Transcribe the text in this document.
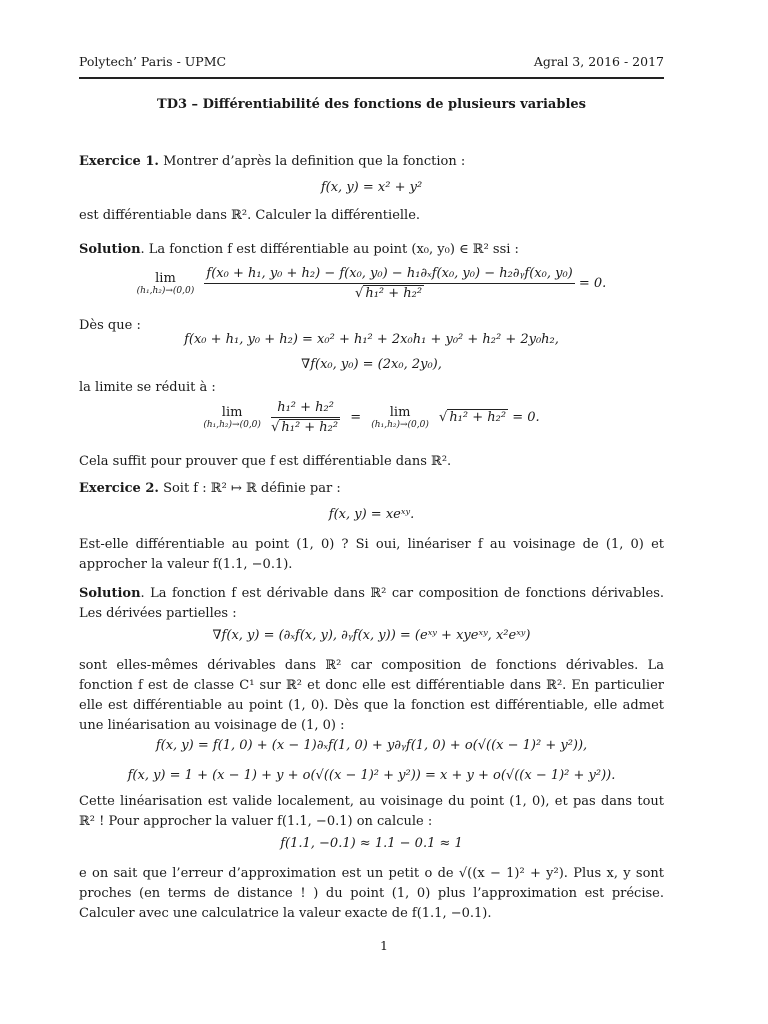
Polytech’ Paris - UPMC	Agral 3, 2016 - 2017
TD3 – Différentiabilité des fonctions de plusieurs variables
Exercice 1. Montrer d’après la definition que la fonction :
f(x, y) = x² + y²
est différentiable dans ℝ². Calculer la différentielle.
Solution. La fonction f est différentiable au point (x₀, y₀) ∈ ℝ² ssi :
lim
(h₁,h₂)→(0,0)

f(x₀ + h₁, y₀ + h₂) − f(x₀, y₀) − h₁∂ₓf(x₀, y₀) − h₂∂ᵧf(x₀, y₀)
√ h₁² + h₂²
= 0.
Dès que :
f(x₀ + h₁, y₀ + h₂) = x₀² + h₁² + 2x₀h₁ + y₀² + h₂² + 2y₀h₂,
∇f(x₀, y₀) = (2x₀, 2y₀),
la limite se réduit à :
lim
(h₁,h₂)→(0,0)
$\frac{\text{h₁² + h₂²}}{\text{√ h₁² + h₂²}}$ =	lim
(h₁,h₂)→(0,0) √ h₁² + h₂² = 0.
Cela suffit pour prouver que f est différentiable dans ℝ².
Exercice 2. Soit f : ℝ² ↦ ℝ définie par :
f(x, y) = xeˣʸ.
Est-elle différentiable au point (1, 0) ? Si oui, linéariser f au voisinage de (1, 0) et approcher la valeur f(1.1, −0.1).
Solution. La fonction f est dérivable dans ℝ² car composition de fonctions dérivables. Les dérivées partielles :
∇f(x, y) = (∂ₓf(x, y), ∂ᵧf(x, y)) = (eˣʸ + xyeˣʸ, x²eˣʸ)
sont elles-mêmes dérivables dans ℝ² car composition de fonctions dérivables. La fonction f est de classe C¹ sur ℝ² et donc elle est différentiable dans ℝ². En particulier elle est différentiable au point (1, 0). Dès que la fonction est différentiable, elle admet une linéarisation au voisinage de (1, 0) :
f(x, y) = f(1, 0) + (x − 1)∂ₓf(1, 0) + y∂ᵧf(1, 0) + o(√((x − 1)² + y²)),
f(x, y) = 1 + (x − 1) + y + o(√((x − 1)² + y²)) = x + y + o(√((x − 1)² + y²)).
Cette linéarisation est valide localement, au voisinage du point (1, 0), et pas dans tout ℝ² ! Pour approcher la valuer f(1.1, −0.1) on calcule :
f(1.1, −0.1) ≈ 1.1 − 0.1 ≈ 1
e on sait que l’erreur d’approximation est un petit o de √((x − 1)² + y²). Plus x, y sont proches (en terms de distance ! ) du point (1, 0) plus l’approximation est précise. Calculer avec une calculatrice la valeur exacte de f(1.1, −0.1).
1
